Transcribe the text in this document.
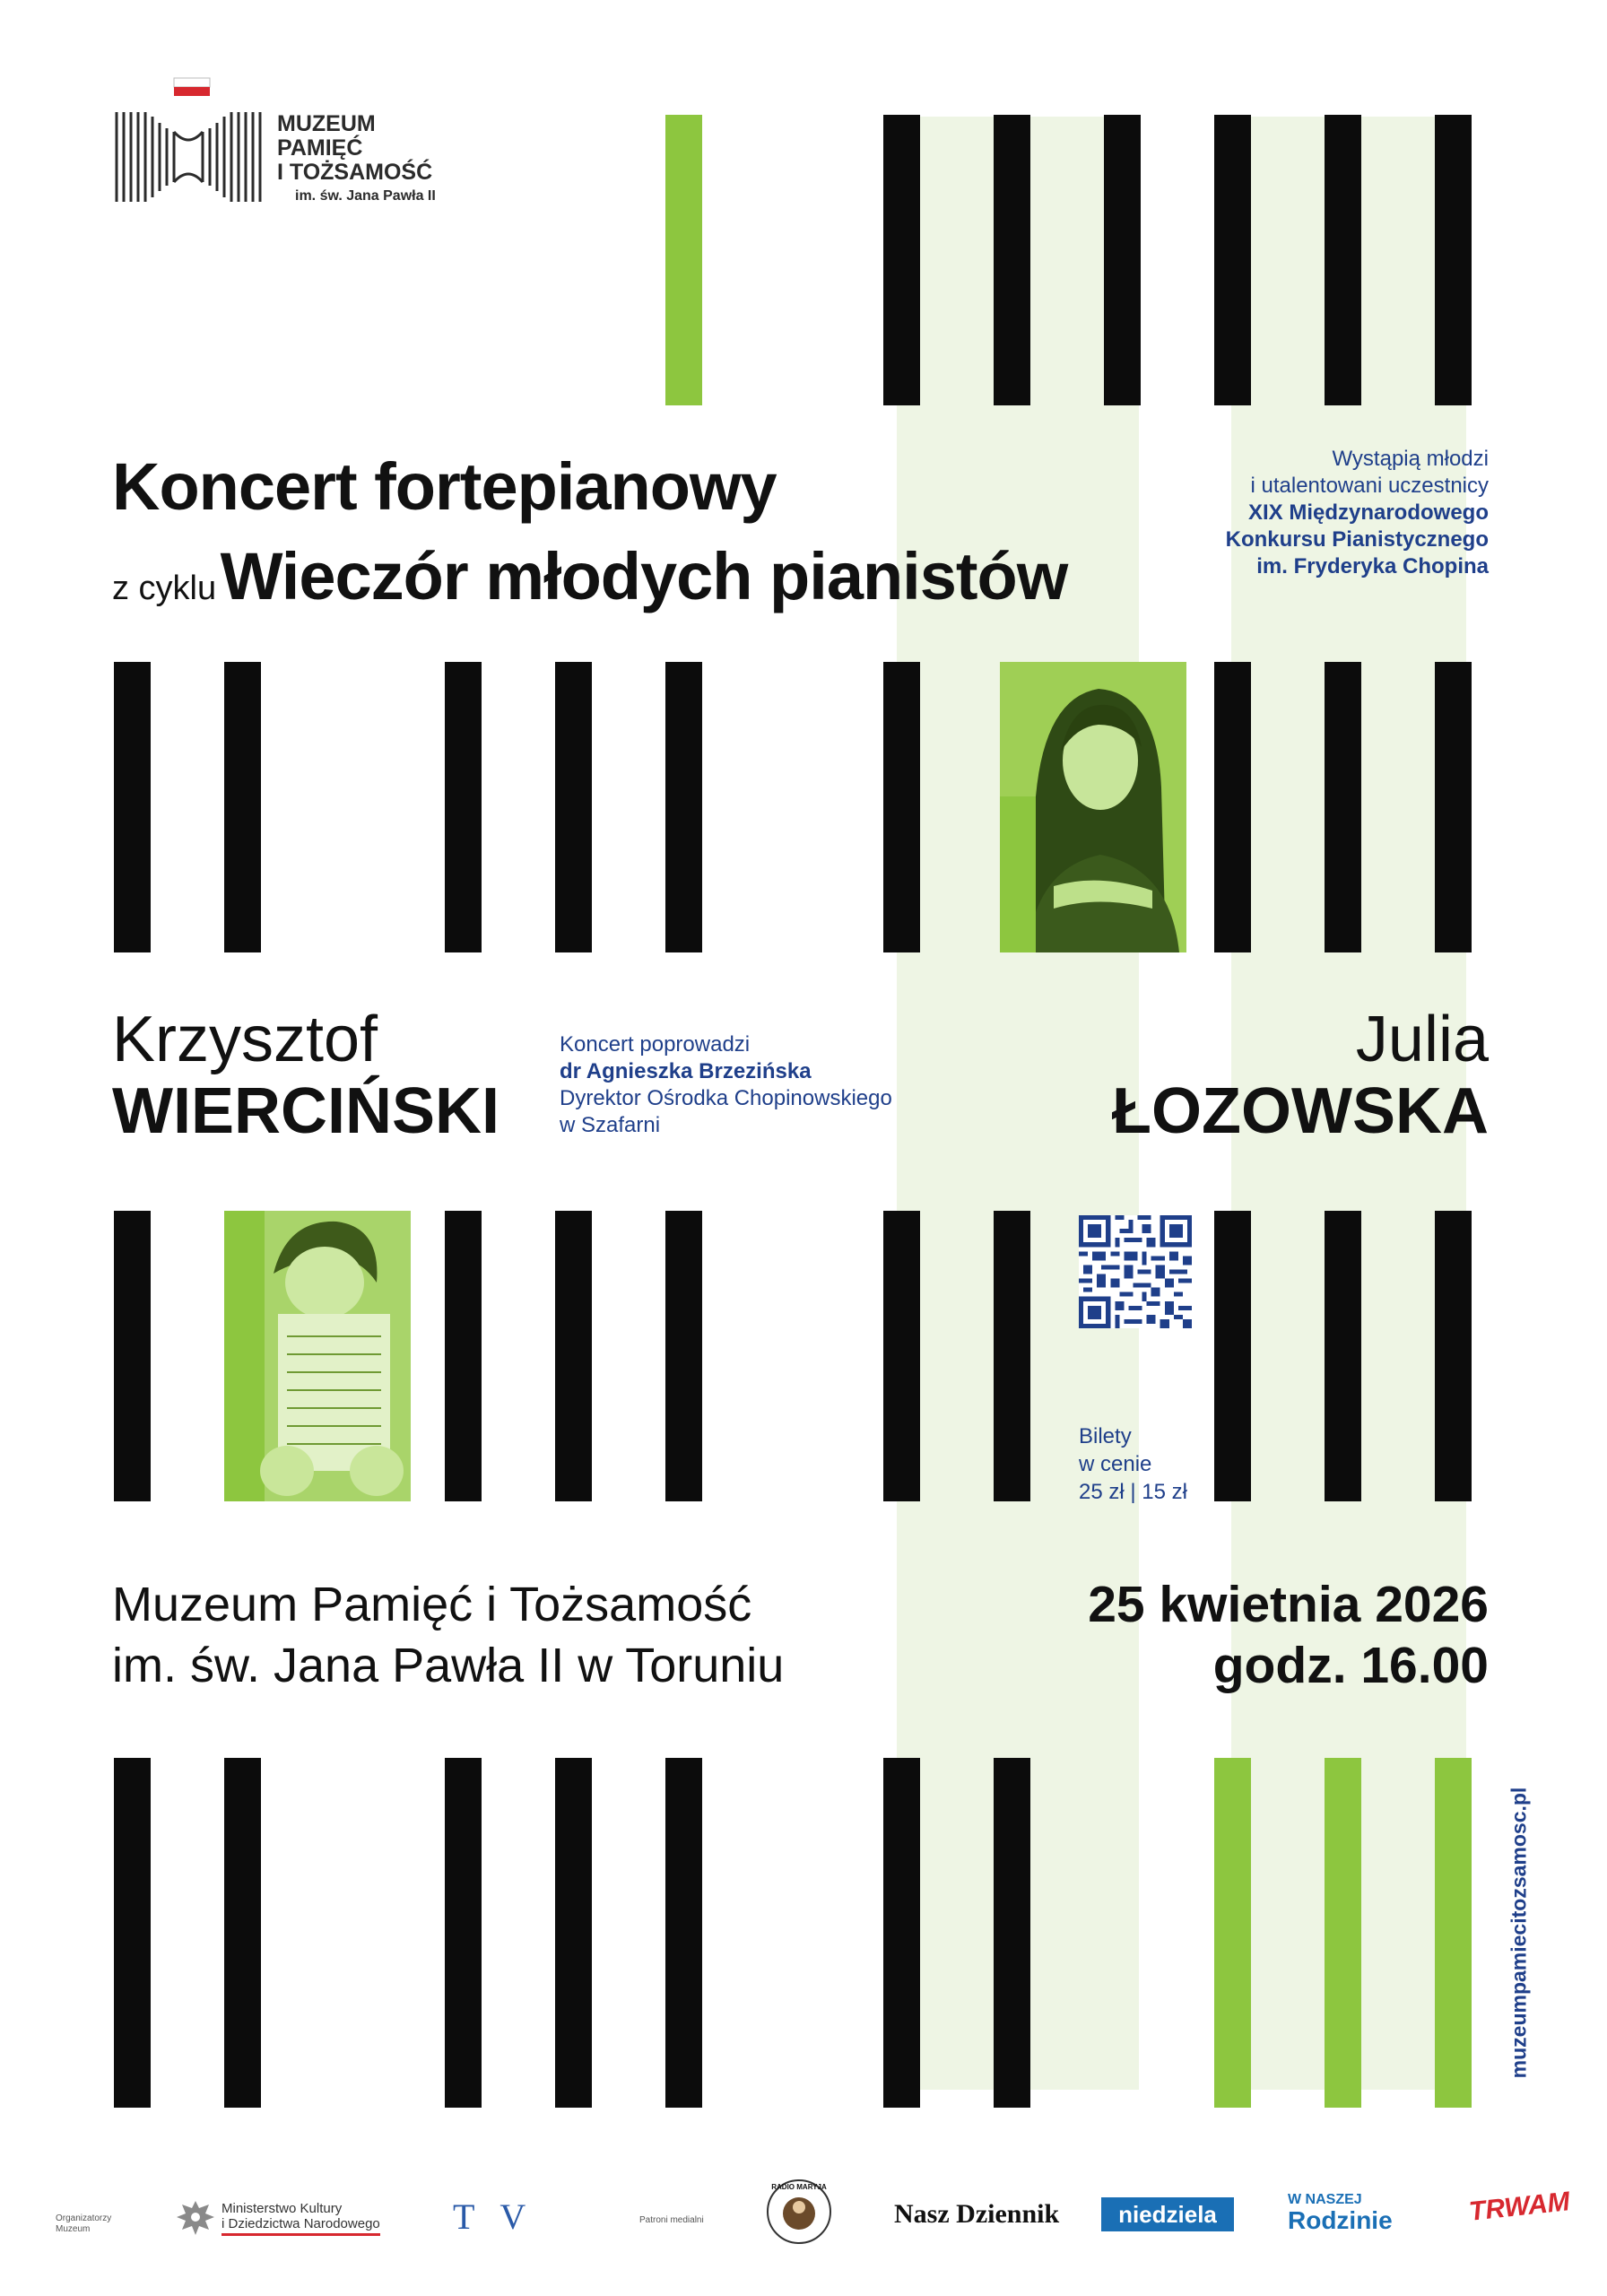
MUZEUM
PAMIĘĆ
I TOŻSAMOŚĆ
im. św. Jana Pawła II
Koncert fortepianowy
z cyklu Wieczór młodych pianistów
Wystąpią młodzi
i utalentowani uczestnicy
XIX Międzynarodowego
Konkursu Pianistycznego
im. Fryderyka Chopina
Krzysztof
WIERCIŃSKI
Julia
ŁOZOWSKA
Koncert poprowadzi
dr Agnieszka Brzezińska
Dyrektor Ośrodka Chopinowskiego
w Szafarni
Bilety
w cenie
25 zł | 15 zł
Muzeum Pamięć i Tożsamość
im. św. Jana Pawła II w Toruniu
25 kwietnia 2026
godz. 16.00
muzeumpamiecitozsamosc.pl
Organizatorzy
Muzeum
Ministerstwo Kultury
i Dziedzictwa Narodowego TV	Patroni medialni
RADIO MARYJA
Nasz Dziennik	niedziela
W NASZEJ
Rodzinie	TRWAM
